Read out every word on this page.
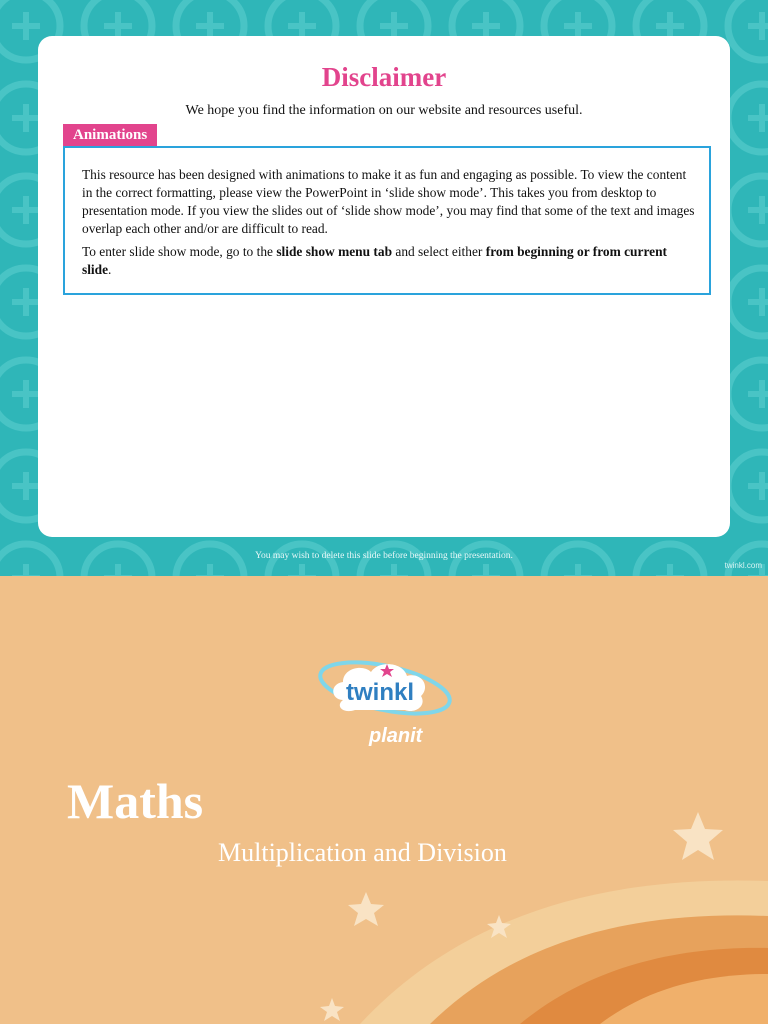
Disclaimer
We hope you find the information on our website and resources useful.
Animations

This resource has been designed with animations to make it as fun and engaging as possible. To view the content in the correct formatting, please view the PowerPoint in ‘slide show mode’. This takes you from desktop to presentation mode. If you view the slides out of ‘slide show mode’, you may find that some of the text and images overlap each other and/or are difficult to read.

To enter slide show mode, go to the slide show menu tab and select either from beginning or from current slide.

You may wish to delete this slide before beginning the presentation.
twinkl.com
twinkl
planit
Maths
Multiplication and Division
